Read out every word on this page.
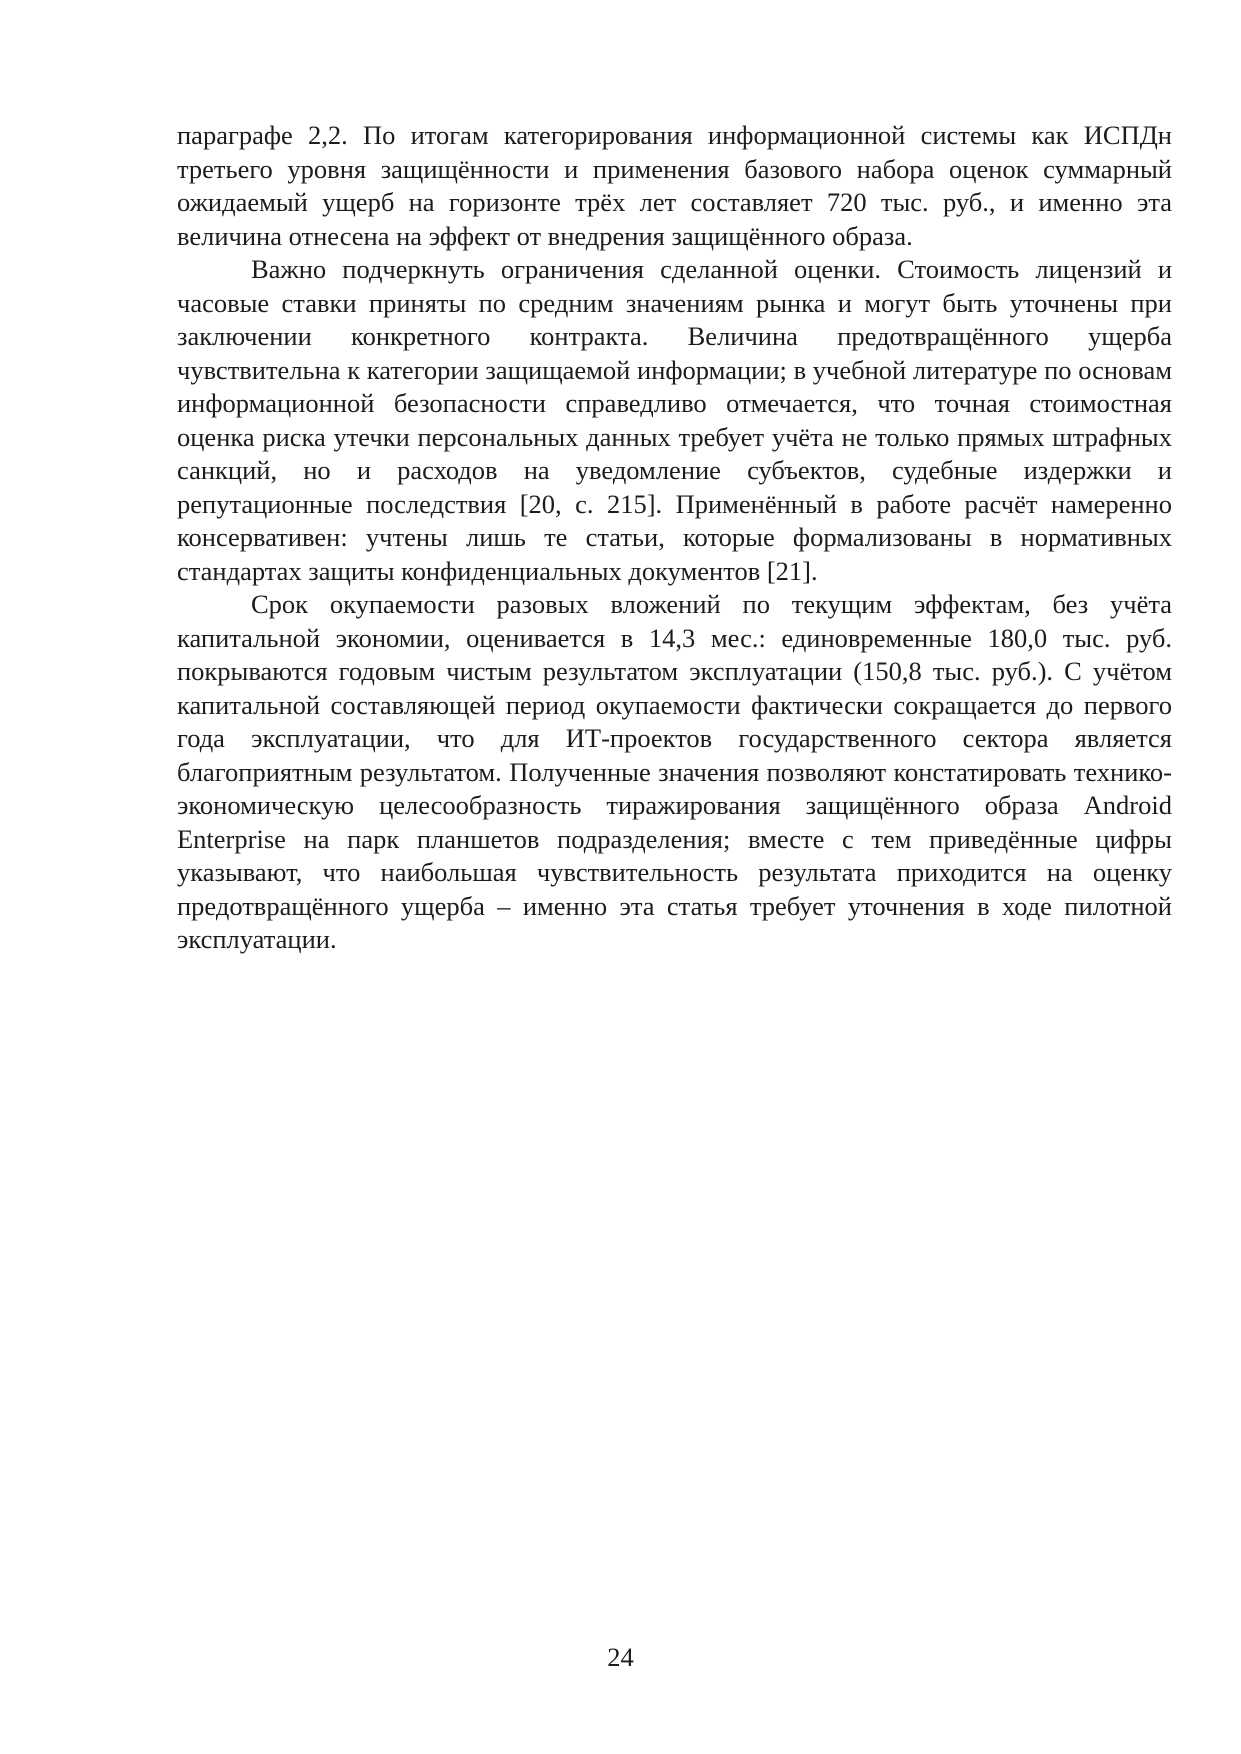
параграфе 2,2. По итогам категорирования информационной системы как ИСПДн третьего уровня защищённости и применения базового набора оценок суммарный ожидаемый ущерб на горизонте трёх лет составляет 720 тыс. руб., и именно эта величина отнесена на эффект от внедрения защищённого образа.

Важно подчеркнуть ограничения сделанной оценки. Стоимость лицензий и часовые ставки приняты по средним значениям рынка и могут быть уточнены при заключении конкретного контракта. Величина предотвращённого ущерба чувствительна к категории защищаемой информации; в учебной литературе по основам информационной безопасности справедливо отмечается, что точная стоимостная оценка риска утечки персональных данных требует учёта не только прямых штрафных санкций, но и расходов на уведомление субъектов, судебные издержки и репутационные последствия [20, с. 215]. Применённый в работе расчёт намеренно консервативен: учтены лишь те статьи, которые формализованы в нормативных стандартах защиты конфиденциальных документов [21].

Срок окупаемости разовых вложений по текущим эффектам, без учёта капитальной экономии, оценивается в 14,3 мес.: единовременные 180,0 тыс. руб. покрываются годовым чистым результатом эксплуатации (150,8 тыс. руб.). С учётом капитальной составляющей период окупаемости фактически сокращается до первого года эксплуатации, что для ИТ-проектов государственного сектора является благоприятным результатом. Полученные значения позволяют констатировать технико-экономическую целесообразность тиражирования защищённого образа Android Enterprise на парк планшетов подразделения; вместе с тем приведённые цифры указывают, что наибольшая чувствительность результата приходится на оценку предотвращённого ущерба – именно эта статья требует уточнения в ходе пилотной эксплуатации.

24
